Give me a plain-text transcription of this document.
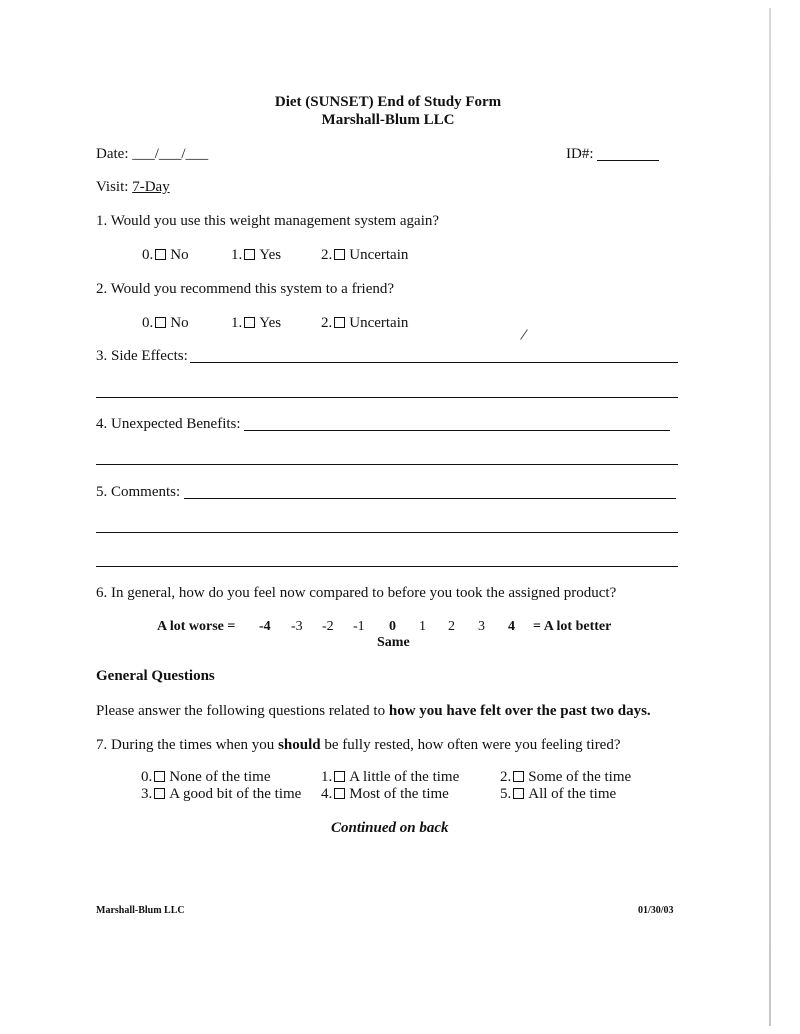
Diet (SUNSET) End of Study Form
Marshall-Blum LLC
Date: ___/___/___	ID#:
Visit: 7-Day
1. Would you use this weight management system again?
0. No	1. Yes	2. Uncertain
2. Would you recommend this system to a friend?
0. No	1. Yes	2. Uncertain
3. Side Effects:
4. Unexpected Benefits:
5. Comments:
6. In general, how do you feel now compared to before you took the assigned product?
A lot worse = -4 -3 -2 -1 0 1 2 3 4 = A lot better
Same
General Questions
Please answer the following questions related to how you have felt over the past two days.
7. During the times when you should be fully rested, how often were you feeling tired?
0. None of the time	1. A little of the time	2. Some of the time
3. A good bit of the time 4. Most of the time	5. All of the time
Continued on back
Marshall-Blum LLC	01/30/03
